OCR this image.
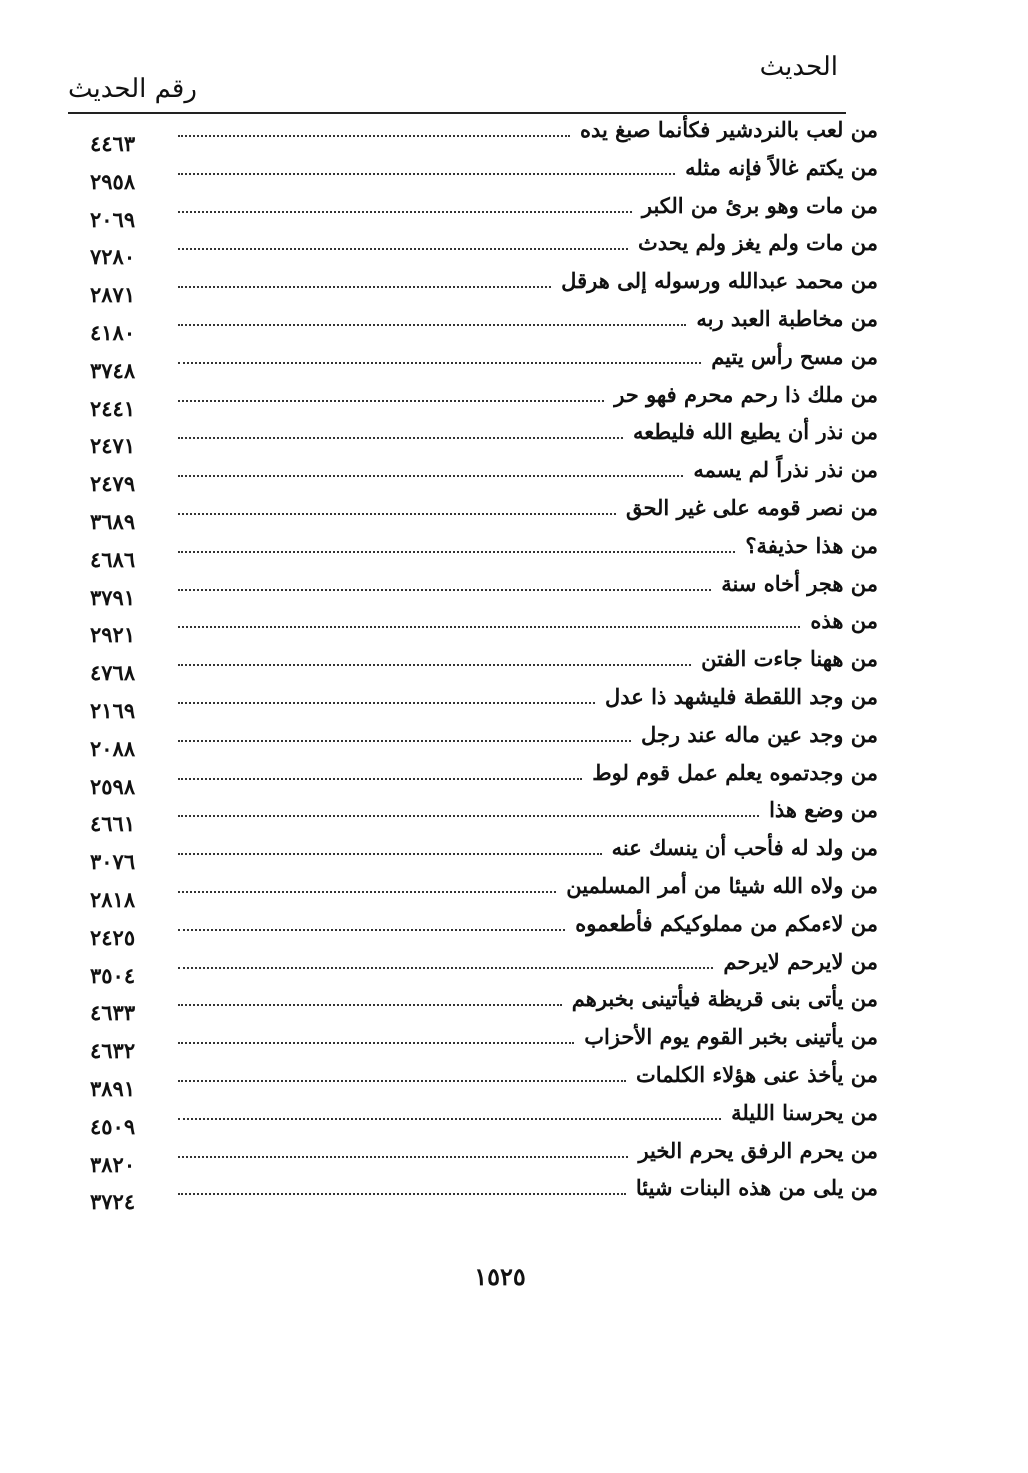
الحديث
رقم الحديث
من لعب بالنردشير فكأنما صبغ يده
٤٤٦٣
من يكتم غالاً فإنه مثله
٢٩٥٨
من مات وهو برئ من الكبر
٢٠٦٩
من مات ولم يغز ولم يحدث
٧٢٨٠
من محمد عبدالله ورسوله إلى هرقل
٢٨٧١
من مخاطبة العبد ربه
٤١٨٠
من مسح رأس يتيم
٣٧٤٨
من ملك ذا رحم محرم فهو حر
٢٤٤١
من نذر أن يطيع الله فليطعه
٢٤٧١
من نذر نذراً لم يسمه
٢٤٧٩
من نصر قومه على غير الحق
٣٦٨٩
من هذا حذيفة؟
٤٦٨٦
من هجر أخاه سنة
٣٧٩١
من هذه
٢٩٢١
من ههنا جاءت الفتن
٤٧٦٨
من وجد اللقطة فليشهد ذا عدل
٢١٦٩
من وجد عين ماله عند رجل
٢٠٨٨
من وجدتموه يعلم عمل قوم لوط
٢٥٩٨
من وضع هذا
٤٦٦١
من ولد له فأحب أن ينسك عنه
٣٠٧٦
من ولاه الله شيئا من أمر المسلمين
٢٨١٨
من لاءمكم من مملوكيكم فأطعموه
٢٤٢٥
من لايرحم لايرحم
٣٥٠٤
من يأتى بنى قريظة فيأتينى بخبرهم
٤٦٣٣
من يأتينى بخبر القوم يوم الأحزاب
٤٦٣٢
من يأخذ عنى هؤلاء الكلمات
٣٨٩١
من يحرسنا الليلة
٤٥٠٩
من يحرم الرفق يحرم الخير
٣٨٢٠
من يلى من هذه البنات شيئا
٣٧٢٤
١٥٢٥
